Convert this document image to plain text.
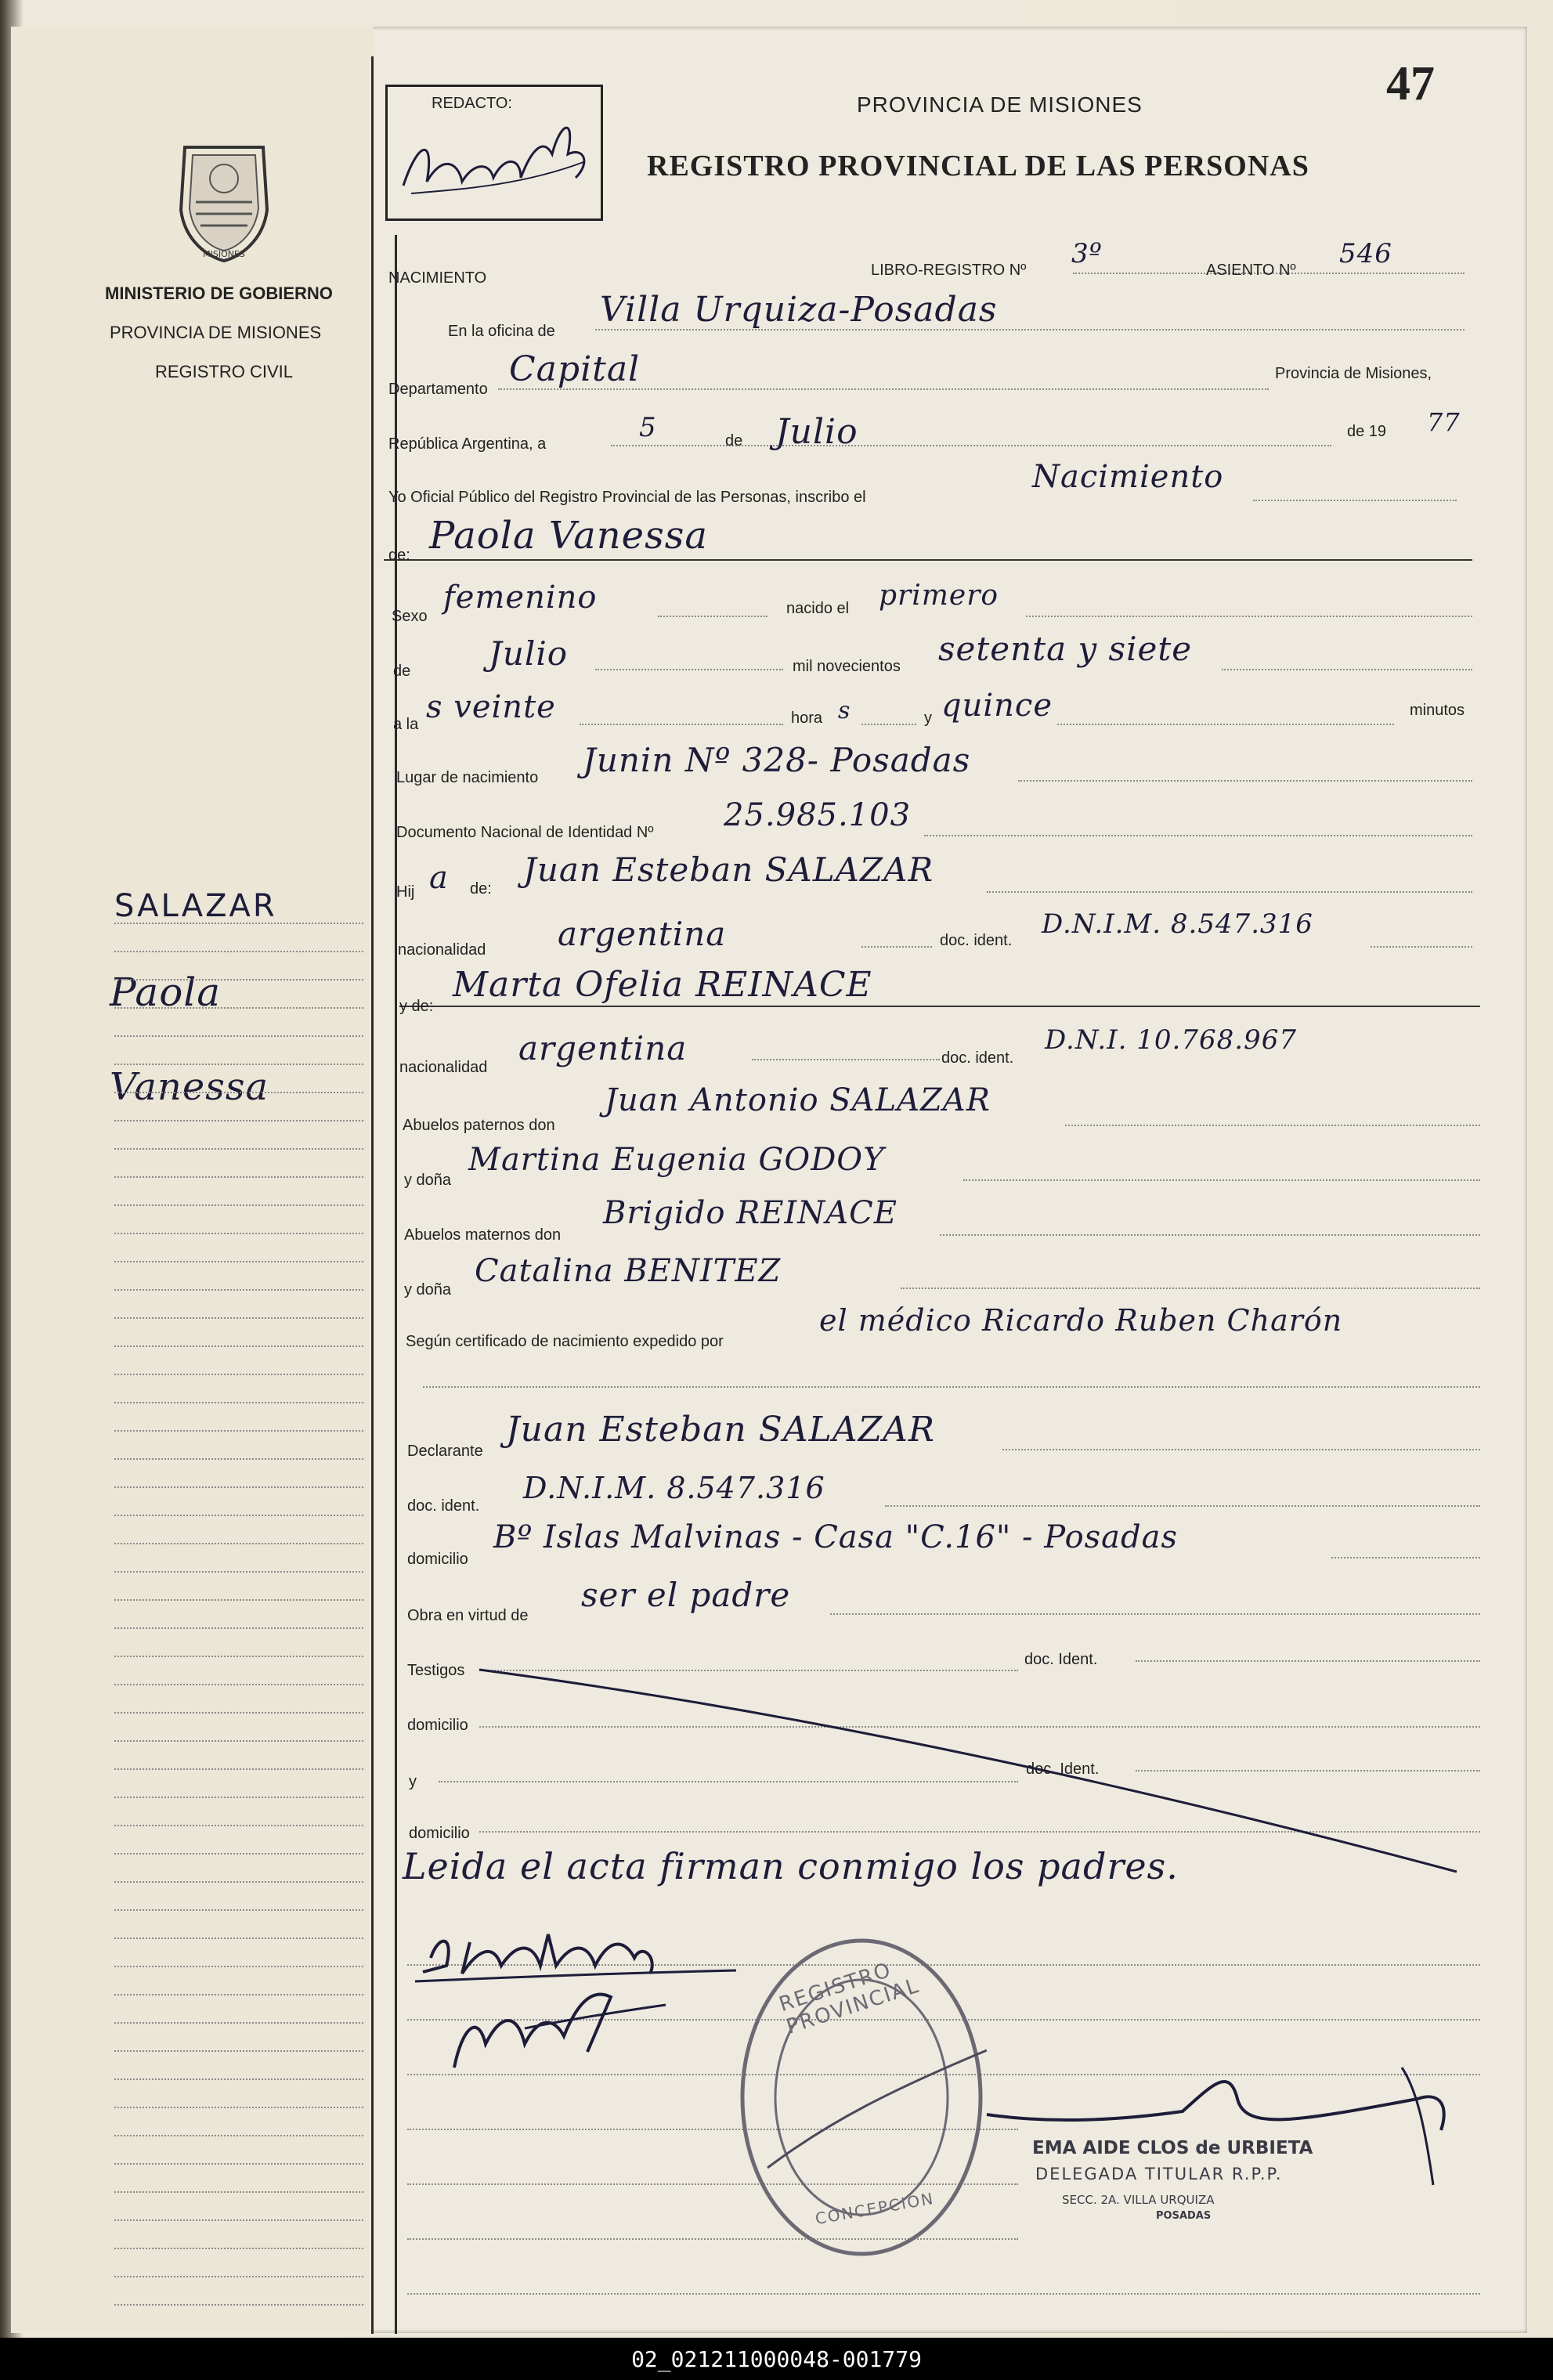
REDACTO:	PROVINCIA DE MISIONES
REGISTRO PROVINCIAL DE LAS PERSONAS
47
MISIONES
MINISTERIO DE GOBIERNO
PROVINCIA DE MISIONES
REGISTRO CIVIL
SALAZAR
Paola
Vanessa
NACIMIENTO	LIBRO-REGISTRO Nº
3º
ASIENTO Nº
546
En la oficina de
Villa Urquiza-Posadas
Departamento Capital	Provincia de Misiones,
República Argentina, a
5	de Julio	de 19 77
Yo Oficial Público del Registro Provincial de las Personas, inscribo el
Nacimiento
de: Paola Vanessa
Sexo
femenino	nacido el primero
de Julio	mil novecientos setenta y siete
a la s veinte	hora s	y quince	minutos
Lugar de nacimiento Junin Nº 328- Posadas
Documento Nacional de Identidad Nº 25.985.103
Hij a de: Juan Esteban SALAZAR
nacionalidad argentina	doc. ident.
D.N.I.M. 8.547.316
y de:
Marta Ofelia REINACE
nacionalidad argentina	doc. ident.
D.N.I. 10.768.967
Abuelos paternos don
Juan Antonio SALAZAR
y doña
Martina Eugenia GODOY
Abuelos maternos don
Brigido REINACE
y doña
Catalina BENITEZ
Según certificado de nacimiento expedido por
el médico Ricardo Ruben Charón
Declarante
Juan Esteban SALAZAR
doc. ident.
D.N.I.M. 8.547.316
domicilio
Bº Islas Malvinas - Casa "C.16" - Posadas
Obra en virtud de
ser el padre
Testigos
doc. Ident.
domicilio
y
doc. Ident.
domicilio
Leida el acta firman conmigo los padres.
REGISTRO PROVINCIAL
CONCEPCION
EMA AIDE CLOS de URBIETA
DELEGADA TITULAR R.P.P.
SECC. 2A. VILLA URQUIZA
POSADAS
02_021211000048-001779
